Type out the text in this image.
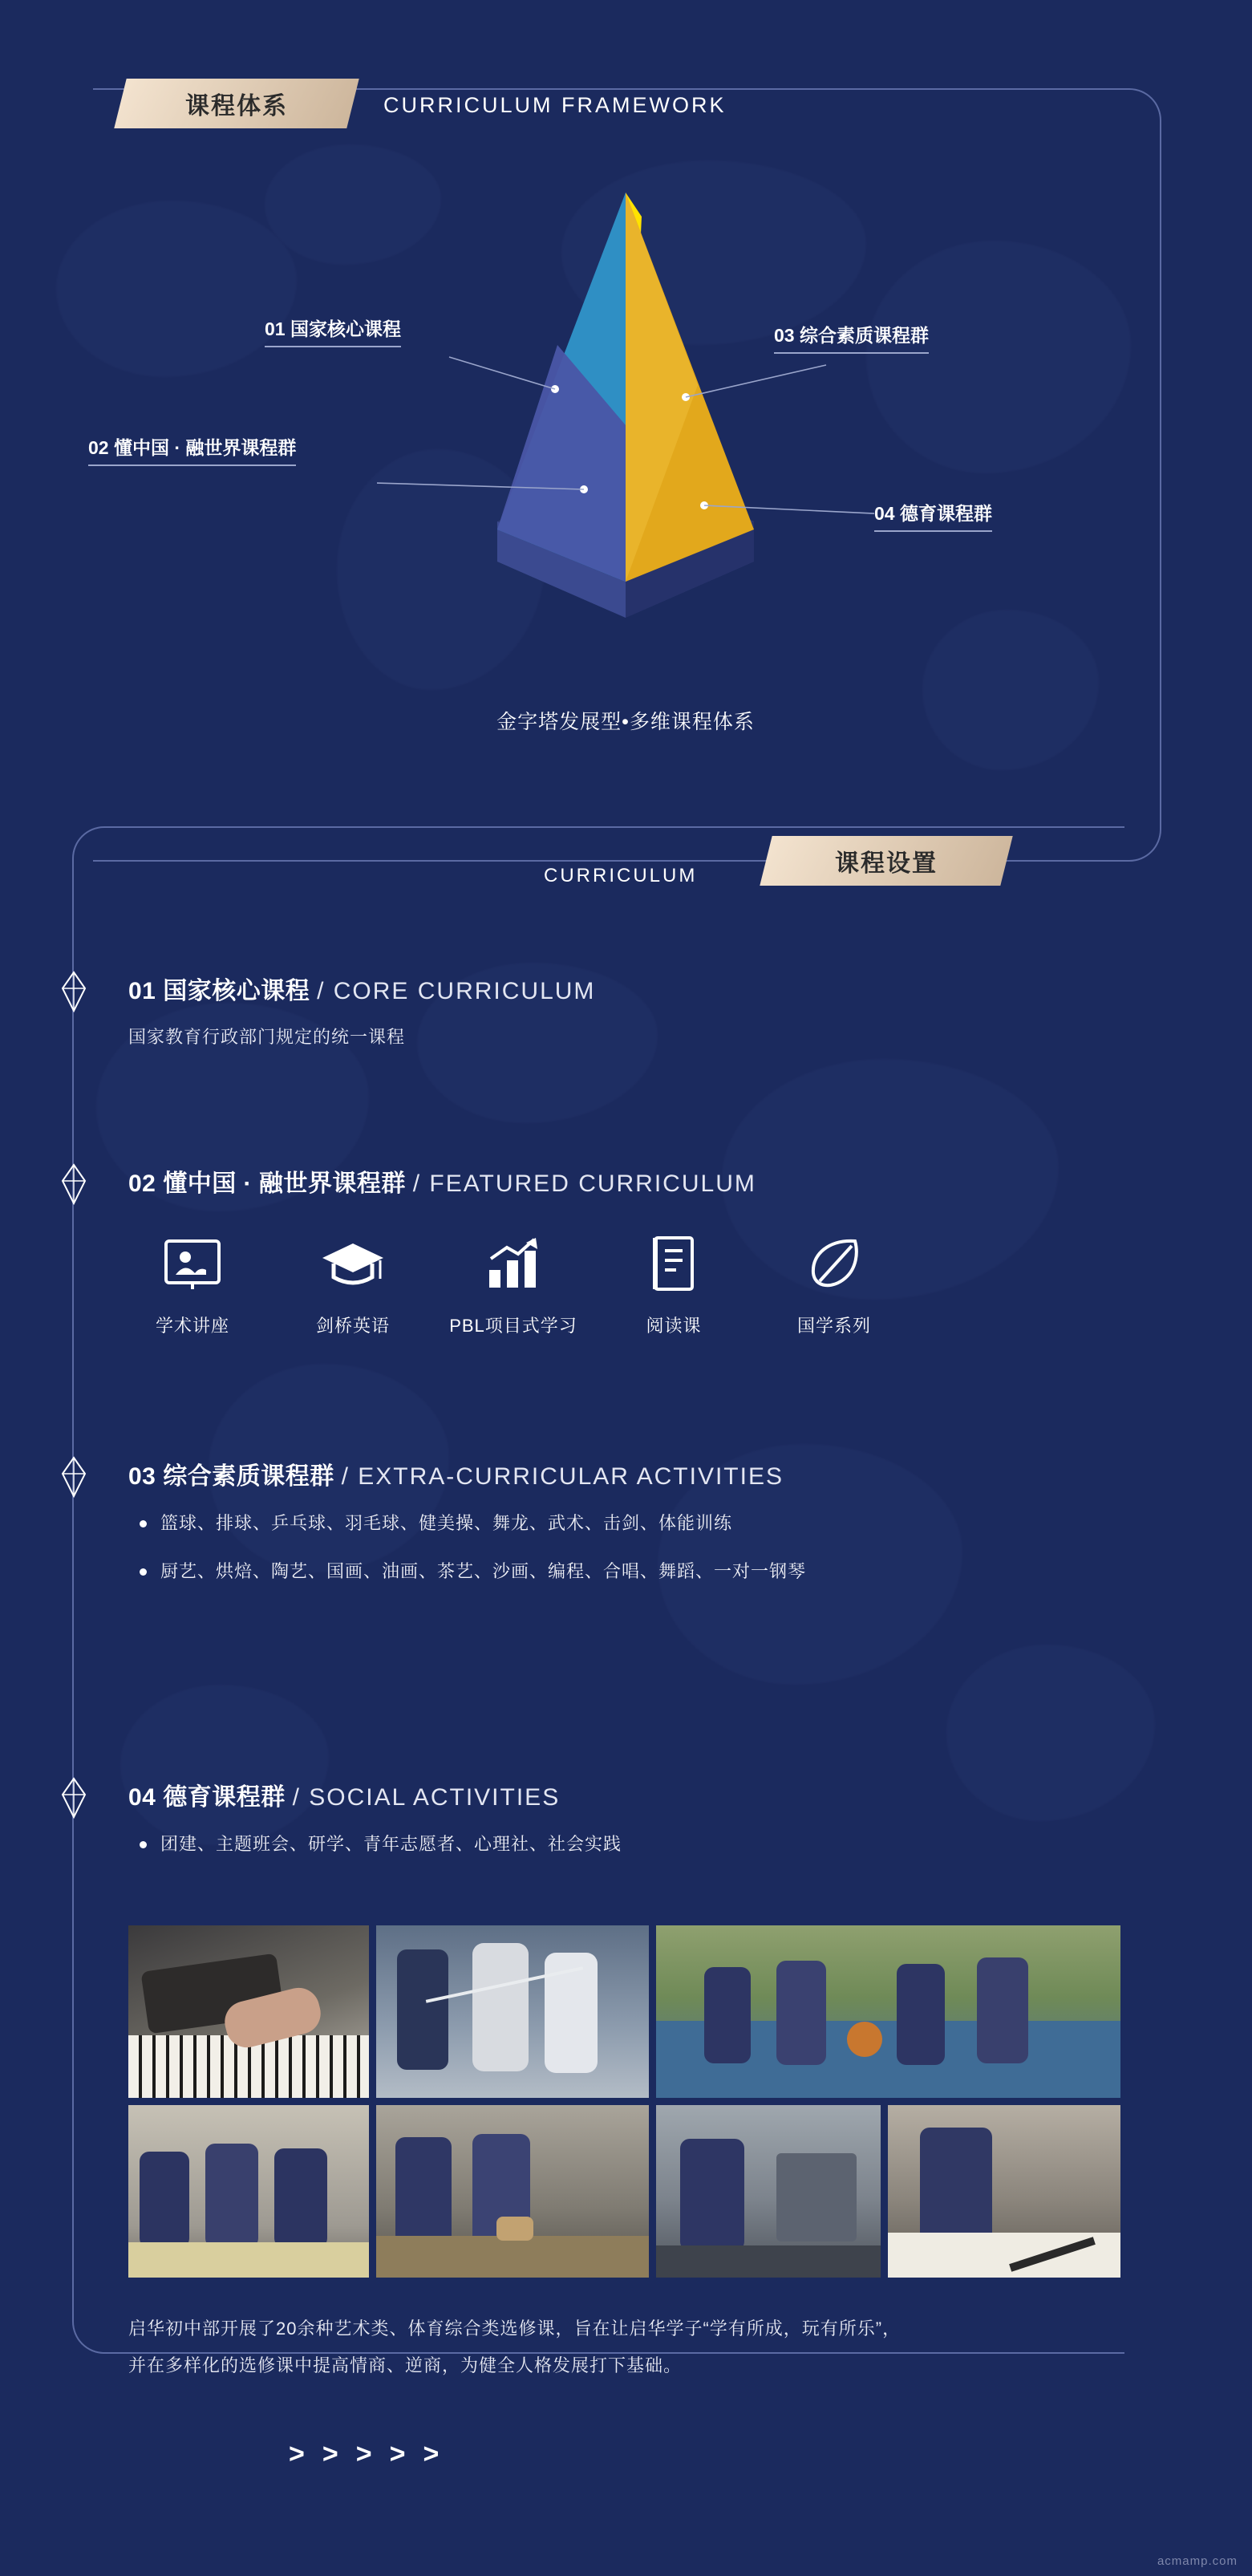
课程体系	CURRICULUM FRAMEWORK
金字塔发展型•多维课程体系
01 国家核心课程
02 懂中国 · 融世界课程群
03 综合素质课程群
04 德育课程群
CURRICULUM	课程设置
01 国家核心课程 / CORE CURRICULUM
国家教育行政部门规定的统一课程
02 懂中国 · 融世界课程群 / FEATURED CURRICULUM
学术讲座	剑桥英语	PBL项目式学习	阅读课	国学系列
03 综合素质课程群 / EXTRA-CURRICULAR ACTIVITIES
篮球、排球、乒乓球、羽毛球、健美操、舞龙、武术、击剑、体能训练
厨艺、烘焙、陶艺、国画、油画、茶艺、沙画、编程、合唱、舞蹈、一对一钢琴
04 德育课程群 / SOCIAL ACTIVITIES
团建、主题班会、研学、青年志愿者、心理社、社会实践
启华初中部开展了20余种艺术类、体育综合类选修课，旨在让启华学子“学有所成，玩有所乐”，
并在多样化的选修课中提高情商、逆商，为健全人格发展打下基础。
> > > > >
acmamp.com
